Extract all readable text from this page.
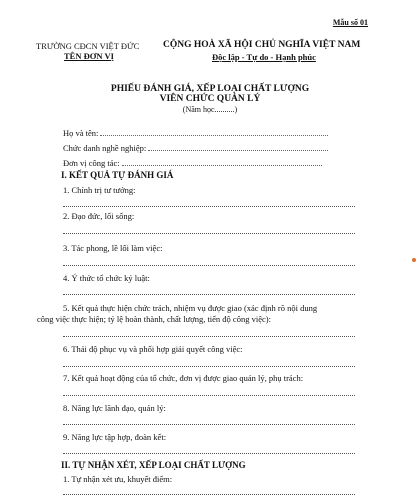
Mẫu số 01
TRƯỜNG CĐCN VIỆT ĐỨC
TÊN ĐƠN VỊ
CỘNG HOÀ XÃ HỘI CHỦ NGHĨA VIỆT NAM
Độc lập - Tự do - Hạnh phúc
PHIẾU ĐÁNH GIÁ, XẾP LOẠI CHẤT LƯỢNG
VIÊN CHỨC QUẢN LÝ
(Năm học..........)
Họ và tên:
Chức danh nghề nghiệp:
Đơn vị công tác:
I. KẾT QUẢ TỰ ĐÁNH GIÁ
1. Chính trị tư tưởng:
2. Đạo đức, lối sống:
3. Tác phong, lề lối làm việc:
4. Ý thức tổ chức kỷ luật:
5. Kết quả thực hiện chức trách, nhiệm vụ được giao (xác định rõ nội dung
công việc thực hiện; tỷ lệ hoàn thành, chất lượng, tiến độ công việc):
6. Thái độ phục vụ và phối hợp giải quyết công việc:
7. Kết quả hoạt động của tổ chức, đơn vị được giao quản lý, phụ trách:
8. Năng lực lãnh đạo, quản lý:
9. Năng lực tập hợp, đoàn kết:
II. TỰ NHẬN XÉT, XẾP LOẠI CHẤT LƯỢNG
1. Tự nhận xét ưu, khuyết điểm:
